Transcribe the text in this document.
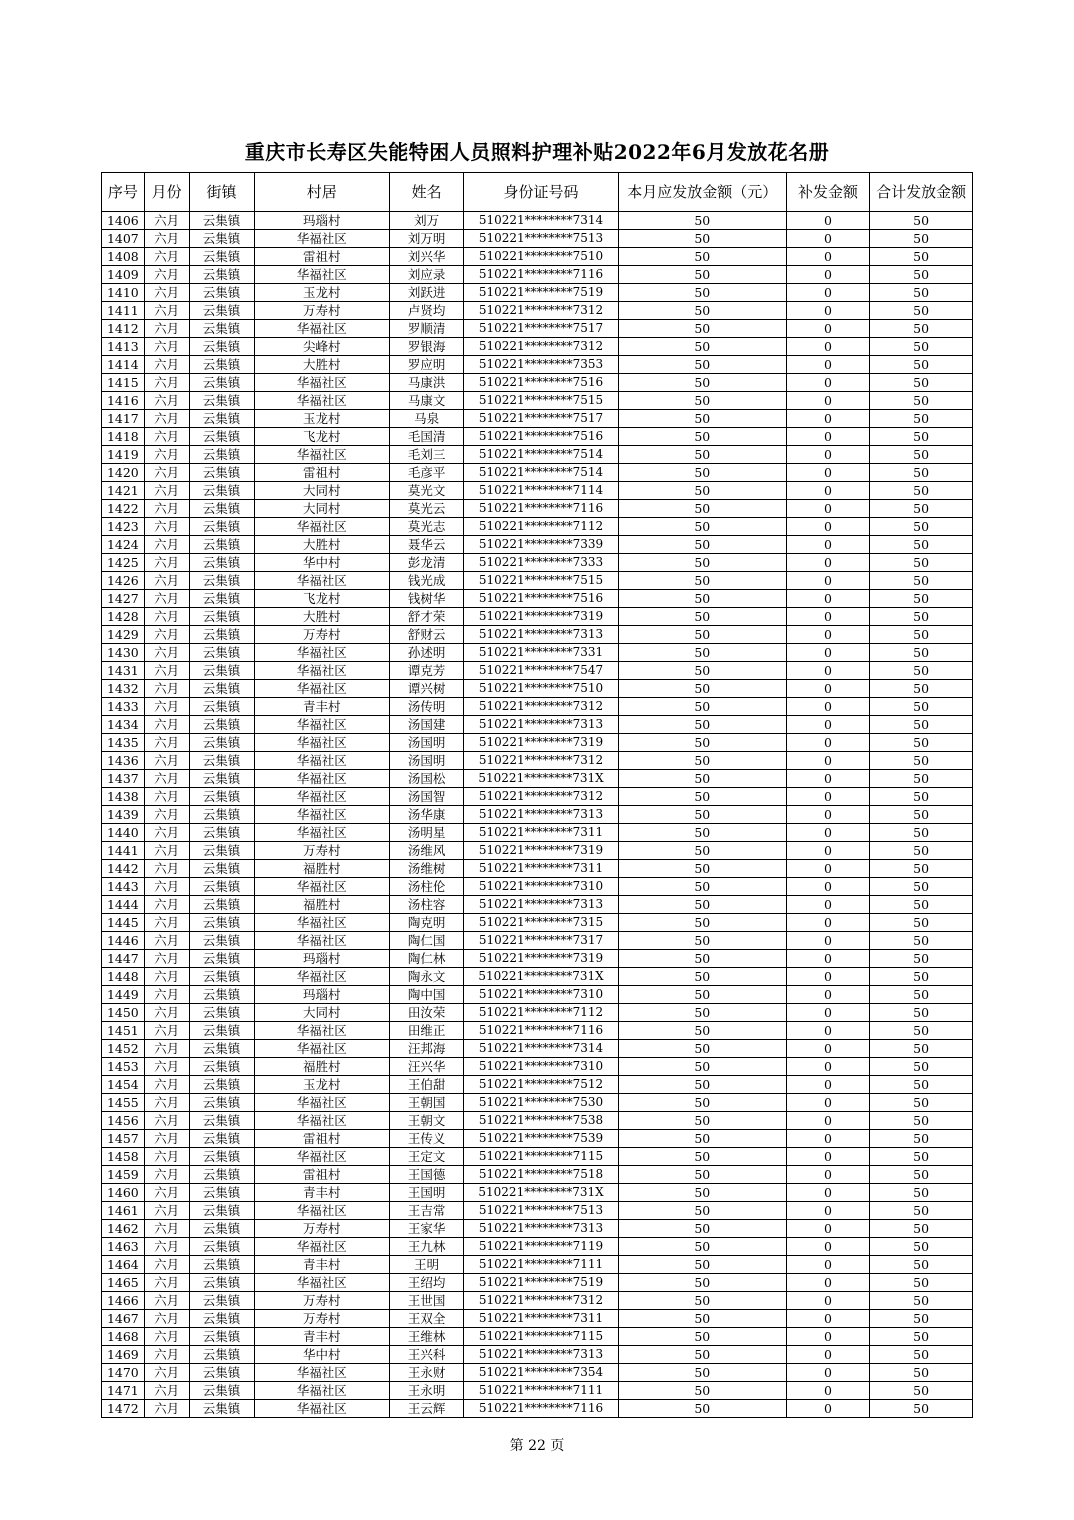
重庆市长寿区失能特困人员照料护理补贴2022年6月发放花名册
序号	月份	街镇	村居	姓名	身份证号码	本月应发放金额（元）	补发金额	合计发放金额
1406	六月	云集镇	玛瑙村	刘万	510221********7314	50	0	50
1407	六月	云集镇	华福社区	刘万明	510221********7513	50	0	50
1408	六月	云集镇	雷祖村	刘兴华	510221********7510	50	0	50
1409	六月	云集镇	华福社区	刘应录	510221********7116	50	0	50
1410	六月	云集镇	玉龙村	刘跃进	510221********7519	50	0	50
1411	六月	云集镇	万寿村	卢贤均	510221********7312	50	0	50
1412	六月	云集镇	华福社区	罗顺清	510221********7517	50	0	50
1413	六月	云集镇	尖峰村	罗银海	510221********7312	50	0	50
1414	六月	云集镇	大胜村	罗应明	510221********7353	50	0	50
1415	六月	云集镇	华福社区	马康洪	510221********7516	50	0	50
1416	六月	云集镇	华福社区	马康文	510221********7515	50	0	50
1417	六月	云集镇	玉龙村	马泉	510221********7517	50	0	50
1418	六月	云集镇	飞龙村	毛国清	510221********7516	50	0	50
1419	六月	云集镇	华福社区	毛刘三	510221********7514	50	0	50
1420	六月	云集镇	雷祖村	毛彦平	510221********7514	50	0	50
1421	六月	云集镇	大同村	莫光文	510221********7114	50	0	50
1422	六月	云集镇	大同村	莫光云	510221********7116	50	0	50
1423	六月	云集镇	华福社区	莫光志	510221********7112	50	0	50
1424	六月	云集镇	大胜村	聂华云	510221********7339	50	0	50
1425	六月	云集镇	华中村	彭龙清	510221********7333	50	0	50
1426	六月	云集镇	华福社区	钱光成	510221********7515	50	0	50
1427	六月	云集镇	飞龙村	钱树华	510221********7516	50	0	50
1428	六月	云集镇	大胜村	舒才荣	510221********7319	50	0	50
1429	六月	云集镇	万寿村	舒财云	510221********7313	50	0	50
1430	六月	云集镇	华福社区	孙述明	510221********7331	50	0	50
1431	六月	云集镇	华福社区	谭克芳	510221********7547	50	0	50
1432	六月	云集镇	华福社区	谭兴树	510221********7510	50	0	50
1433	六月	云集镇	青丰村	汤传明	510221********7312	50	0	50
1434	六月	云集镇	华福社区	汤国建	510221********7313	50	0	50
1435	六月	云集镇	华福社区	汤国明	510221********7319	50	0	50
1436	六月	云集镇	华福社区	汤国明	510221********7312	50	0	50
1437	六月	云集镇	华福社区	汤国松	510221********731X	50	0	50
1438	六月	云集镇	华福社区	汤国智	510221********7312	50	0	50
1439	六月	云集镇	华福社区	汤华康	510221********7313	50	0	50
1440	六月	云集镇	华福社区	汤明星	510221********7311	50	0	50
1441	六月	云集镇	万寿村	汤维风	510221********7319	50	0	50
1442	六月	云集镇	福胜村	汤维树	510221********7311	50	0	50
1443	六月	云集镇	华福社区	汤柱伦	510221********7310	50	0	50
1444	六月	云集镇	福胜村	汤柱容	510221********7313	50	0	50
1445	六月	云集镇	华福社区	陶克明	510221********7315	50	0	50
1446	六月	云集镇	华福社区	陶仁国	510221********7317	50	0	50
1447	六月	云集镇	玛瑙村	陶仁林	510221********7319	50	0	50
1448	六月	云集镇	华福社区	陶永文	510221********731X	50	0	50
1449	六月	云集镇	玛瑙村	陶中国	510221********7310	50	0	50
1450	六月	云集镇	大同村	田汝荣	510221********7112	50	0	50
1451	六月	云集镇	华福社区	田维正	510221********7116	50	0	50
1452	六月	云集镇	华福社区	汪邦海	510221********7314	50	0	50
1453	六月	云集镇	福胜村	汪兴华	510221********7310	50	0	50
1454	六月	云集镇	玉龙村	王伯甜	510221********7512	50	0	50
1455	六月	云集镇	华福社区	王朝国	510221********7530	50	0	50
1456	六月	云集镇	华福社区	王朝文	510221********7538	50	0	50
1457	六月	云集镇	雷祖村	王传义	510221********7539	50	0	50
1458	六月	云集镇	华福社区	王定文	510221********7115	50	0	50
1459	六月	云集镇	雷祖村	王国德	510221********7518	50	0	50
1460	六月	云集镇	青丰村	王国明	510221********731X	50	0	50
1461	六月	云集镇	华福社区	王吉常	510221********7513	50	0	50
1462	六月	云集镇	万寿村	王家华	510221********7313	50	0	50
1463	六月	云集镇	华福社区	王九林	510221********7119	50	0	50
1464	六月	云集镇	青丰村	王明	510221********7111	50	0	50
1465	六月	云集镇	华福社区	王绍均	510221********7519	50	0	50
1466	六月	云集镇	万寿村	王世国	510221********7312	50	0	50
1467	六月	云集镇	万寿村	王双全	510221********7311	50	0	50
1468	六月	云集镇	青丰村	王维林	510221********7115	50	0	50
1469	六月	云集镇	华中村	王兴科	510221********7313	50	0	50
1470	六月	云集镇	华福社区	王永财	510221********7354	50	0	50
1471	六月	云集镇	华福社区	王永明	510221********7111	50	0	50
1472	六月	云集镇	华福社区	王云辉	510221********7116	50	0	50
第 22 页
